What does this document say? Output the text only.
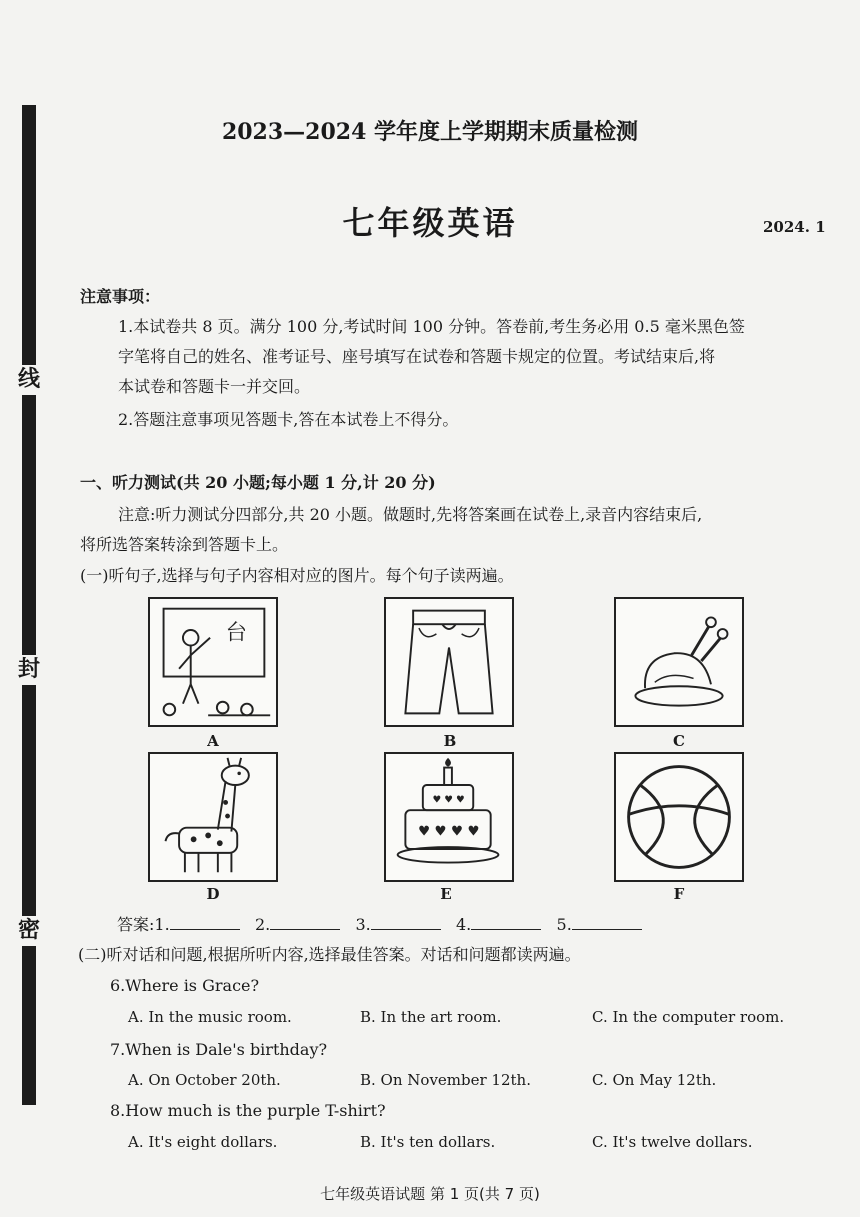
线
封
密
2023—2024 学年度上学期期末质量检测
七年级英语	2024. 1
注意事项：
1.本试卷共 8 页。满分 100 分,考试时间 100 分钟。答卷前,考生务必用 0.5 毫米黑色签
字笔将自己的姓名、准考证号、座号填写在试卷和答题卡规定的位置。考试结束后,将
本试卷和答题卡一并交回。
2.答题注意事项见答题卡,答在本试卷上不得分。
一、听力测试(共 20 小题;每小题 1 分,计 20 分)
注意:听力测试分四部分,共 20 小题。做题时,先将答案画在试卷上,录音内容结束后,
将所选答案转涂到答题卡上。
(一)听句子,选择与句子内容相对应的图片。每个句子读两遍。
台
A	B	C
D
♥ ♥ ♥ ♥
♥ ♥ ♥
E	F
答案:1.	2.	3.	4.	5.
(二)听对话和问题,根据所听内容,选择最佳答案。对话和问题都读两遍。
6.Where is Grace?
A. In the music room.	B. In the art room.	C. In the computer room.
7.When is Dale's birthday?
A. On October 20th.	B. On November 12th.	C. On May 12th.
8.How much is the purple T-shirt?
A. It's eight dollars.	B. It's ten dollars.	C. It's twelve dollars.
七年级英语试题 第 1 页(共 7 页)
